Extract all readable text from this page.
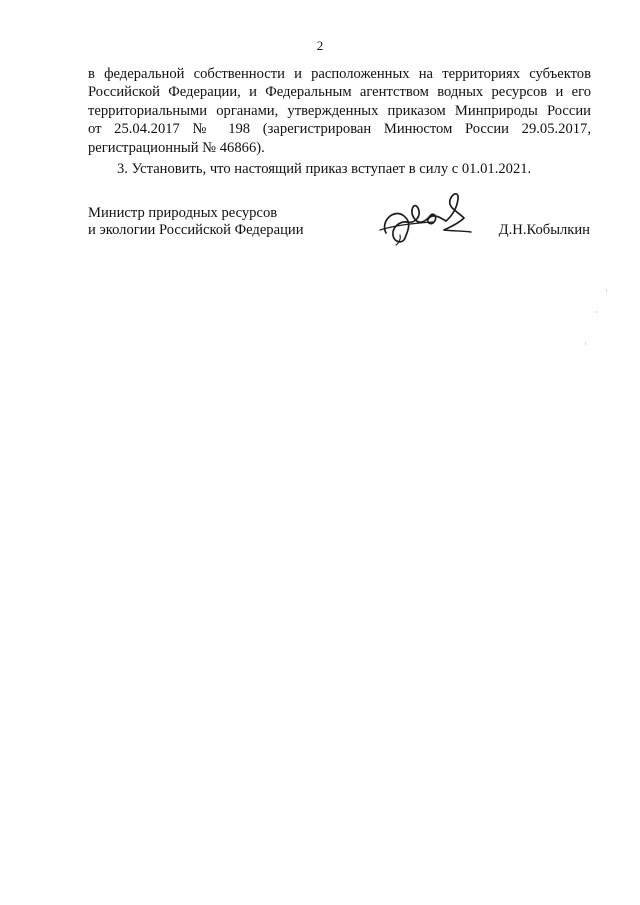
2
в федеральной собственности и расположенных на территориях субъектов
Российской Федерации, и Федеральным агентством водных ресурсов и его
территориальными органами, утвержденных приказом Минприроды России
от 25.04.2017 № 198 (зарегистрирован Минюстом России 29.05.2017,
регистрационный № 46866).
3. Установить, что настоящий приказ вступает в силу с 01.01.2021.
Министр природных ресурсов
и экологии Российской Федерации	Д.Н.Кобылкин
